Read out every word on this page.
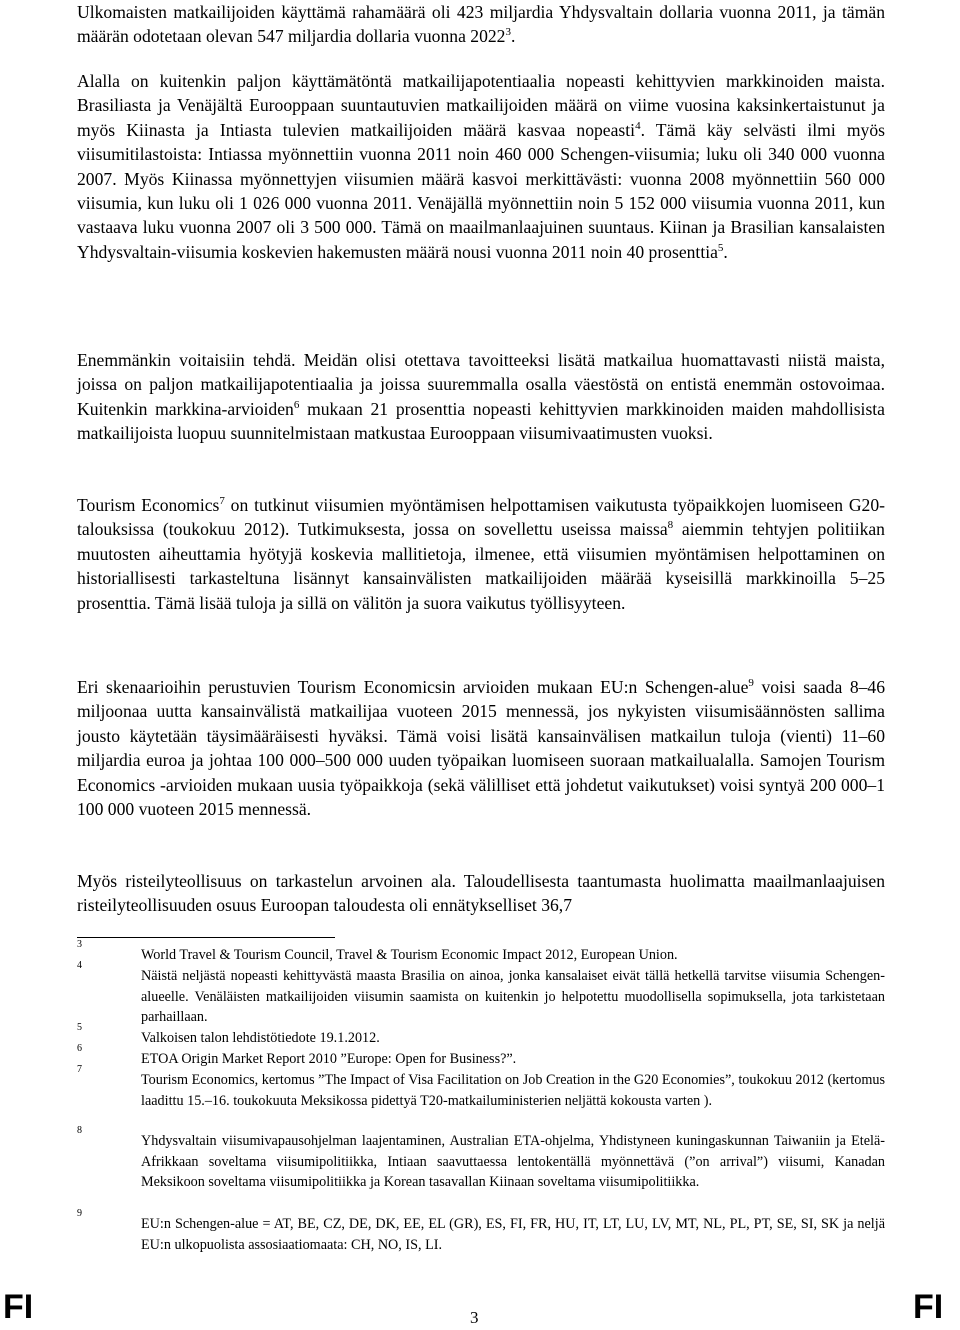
Ulkomaisten matkailijoiden käyttämä rahamäärä oli 423 miljardia Yhdysvaltain dollaria vuonna 2011, ja tämän määrän odotetaan olevan 547 miljardia dollaria vuonna 2022$^3$.

Alalla on kuitenkin paljon käyttämätöntä matkailijapotentiaalia nopeasti kehittyvien markkinoiden maista. Brasiliasta ja Venäjältä Eurooppaan suuntautuvien matkailijoiden määrä on viime vuosina kaksinkertaistunut ja myös Kiinasta ja Intiasta tulevien matkailijoiden määrä kasvaa nopeasti$^4$. Tämä käy selvästi ilmi myös viisumitilastoista: Intiassa myönnettiin vuonna 2011 noin 460 000 Schengen-viisumia; luku oli 340 000 vuonna 2007. Myös Kiinassa myönnettyjen viisumien määrä kasvoi merkittävästi: vuonna 2008 myönnettiin 560 000 viisumia, kun luku oli 1 026 000 vuonna 2011. Venäjällä myönnettiin noin 5 152 000 viisumia vuonna 2011, kun vastaava luku vuonna 2007 oli 3 500 000. Tämä on maailmanlaajuinen suuntaus. Kiinan ja Brasilian kansalaisten Yhdysvaltain-viisumia koskevien hakemusten määrä nousi vuonna 2011 noin 40 prosenttia$^5$.

Enemmänkin voitaisiin tehdä. Meidän olisi otettava tavoitteeksi lisätä matkailua huomattavasti niistä maista, joissa on paljon matkailijapotentiaalia ja joissa suuremmalla osalla väestöstä on entistä enemmän ostovoimaa. Kuitenkin markkina-arvioiden$^6$ mukaan 21 prosenttia nopeasti kehittyvien markkinoiden maiden mahdollisista matkailijoista luopuu suunnitelmistaan matkustaa Eurooppaan viisumivaatimusten vuoksi.

Tourism Economics$^7$ on tutkinut viisumien myöntämisen helpottamisen vaikutusta työpaikkojen luomiseen G20-talouksissa (toukokuu 2012). Tutkimuksesta, jossa on sovellettu useissa maissa$^8$ aiemmin tehtyjen politiikan muutosten aiheuttamia hyötyjä koskevia mallitietoja, ilmenee, että viisumien myöntämisen helpottaminen on historiallisesti tarkasteltuna lisännyt kansainvälisten matkailijoiden määrää kyseisillä markkinoilla 5–25 prosenttia. Tämä lisää tuloja ja sillä on välitön ja suora vaikutus työllisyyteen.

Eri skenaarioihin perustuvien Tourism Economicsin arvioiden mukaan EU:n Schengen-alue$^9$ voisi saada 8–46 miljoonaa uutta kansainvälistä matkailijaa vuoteen 2015 mennessä, jos nykyisten viisumisäännösten sallima jousto käytetään täysimääräisesti hyväksi. Tämä voisi lisätä kansainvälisen matkailun tuloja (vienti) 11–60 miljardia euroa ja johtaa 100 000–500 000 uuden työpaikan luomiseen suoraan matkailualalla. Samojen Tourism Economics -arvioiden mukaan uusia työpaikkoja (sekä välilliset että johdetut vaikutukset) voisi syntyä 200 000–1 100 000 vuoteen 2015 mennessä.

Myös risteilyteollisuus on tarkastelun arvoinen ala. Taloudellisesta taantumasta huolimatta maailmanlaajuisen risteilyteollisuuden osuus Euroopan taloudesta oli ennätykselliset 36,7

3
World Travel & Tourism Council, Travel & Tourism Economic Impact 2012, European Union.
4
Näistä neljästä nopeasti kehittyvästä maasta Brasilia on ainoa, jonka kansalaiset eivät tällä hetkellä tarvitse viisumia Schengen-alueelle. Venäläisten matkailijoiden viisumin saamista on kuitenkin jo helpotettu muodollisella sopimuksella, jota tarkistetaan parhaillaan.
5
Valkoisen talon lehdistötiedote 19.1.2012.
6
ETOA Origin Market Report 2010 ”Europe: Open for Business?”.
7
Tourism Economics, kertomus ”The Impact of Visa Facilitation on Job Creation in the G20 Economies”, toukokuu 2012 (kertomus laadittu 15.–16. toukokuuta Meksikossa pidettyä T20-matkailuministerien neljättä kokousta varten ).
8
Yhdysvaltain viisumivapausohjelman laajentaminen, Australian ETA-ohjelma, Yhdistyneen kuningaskunnan Taiwaniin ja Etelä-Afrikkaan soveltama viisumipolitiikka, Intiaan saavuttaessa lentokentällä myönnettävä (”on arrival”) viisumi, Kanadan Meksikoon soveltama viisumipolitiikka ja Korean tasavallan Kiinaan soveltama viisumipolitiikka.
9
EU:n Schengen-alue = AT, BE, CZ, DE, DK, EE, EL (GR), ES, FI, FR, HU, IT, LT, LU, LV, MT, NL, PL, PT, SE, SI, SK ja neljä EU:n ulkopuolista assosiaatiomaata: CH, NO, IS, LI.
FI	3	FI
